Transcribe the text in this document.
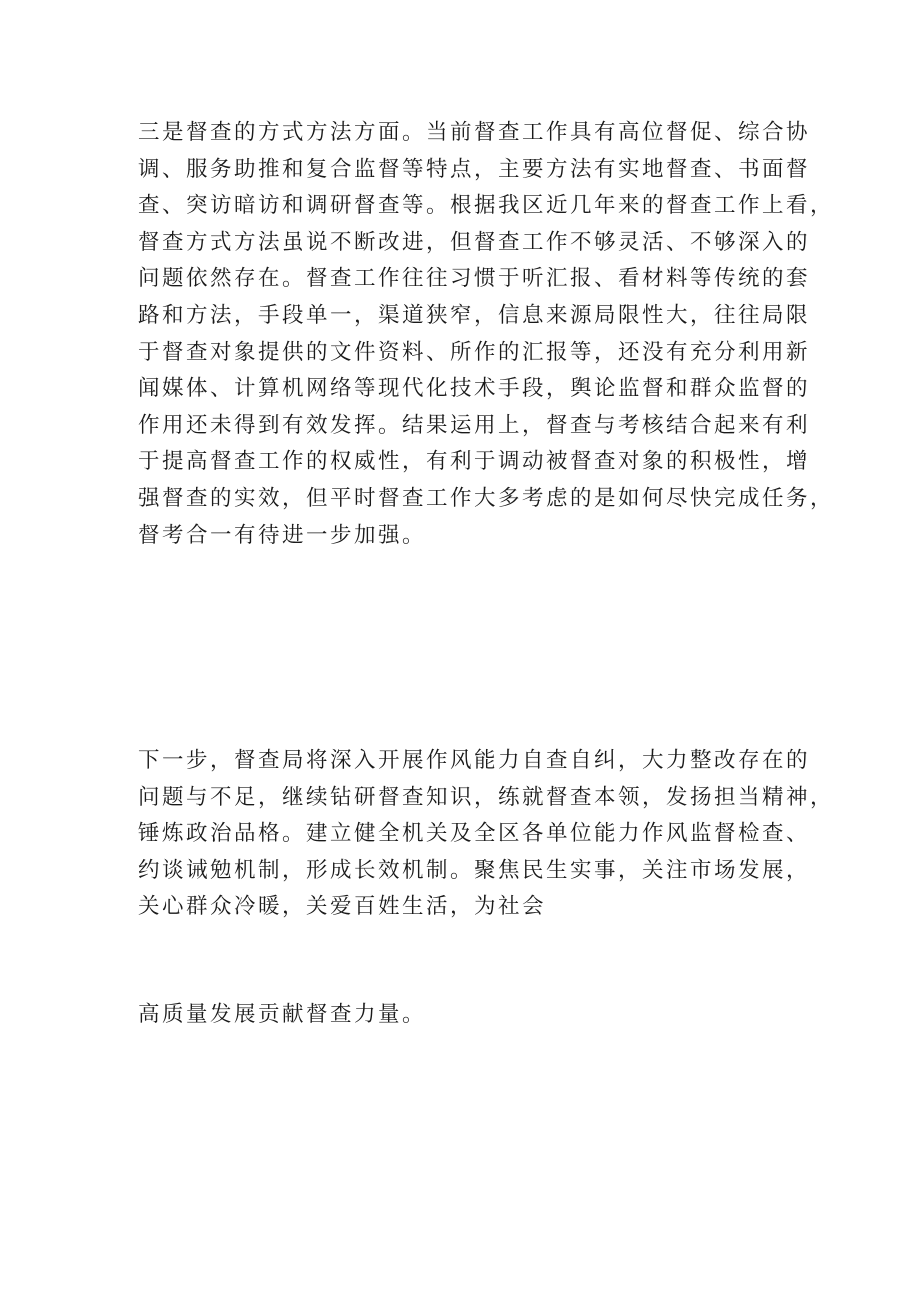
三是督查的方式方法方面。当前督查工作具有高位督促、综合协
调、服务助推和复合监督等特点，主要方法有实地督查、书面督
查、突访暗访和调研督查等。根据我区近几年来的督查工作上看，
督查方式方法虽说不断改进，但督查工作不够灵活、不够深入的
问题依然存在。督查工作往往习惯于听汇报、看材料等传统的套
路和方法，手段单一，渠道狭窄，信息来源局限性大，往往局限
于督查对象提供的文件资料、所作的汇报等，还没有充分利用新
闻媒体、计算机网络等现代化技术手段，舆论监督和群众监督的
作用还未得到有效发挥。结果运用上，督查与考核结合起来有利
于提高督查工作的权威性，有利于调动被督查对象的积极性，增
强督查的实效，但平时督查工作大多考虑的是如何尽快完成任务，
督考合一有待进一步加强。
下一步，督查局将深入开展作风能力自查自纠，大力整改存在的
问题与不足，继续钻研督查知识，练就督查本领，发扬担当精神，
锤炼政治品格。建立健全机关及全区各单位能力作风监督检查、
约谈诫勉机制，形成长效机制。聚焦民生实事，关注市场发展，
关心群众冷暖，关爱百姓生活，为社会
高质量发展贡献督查力量。
